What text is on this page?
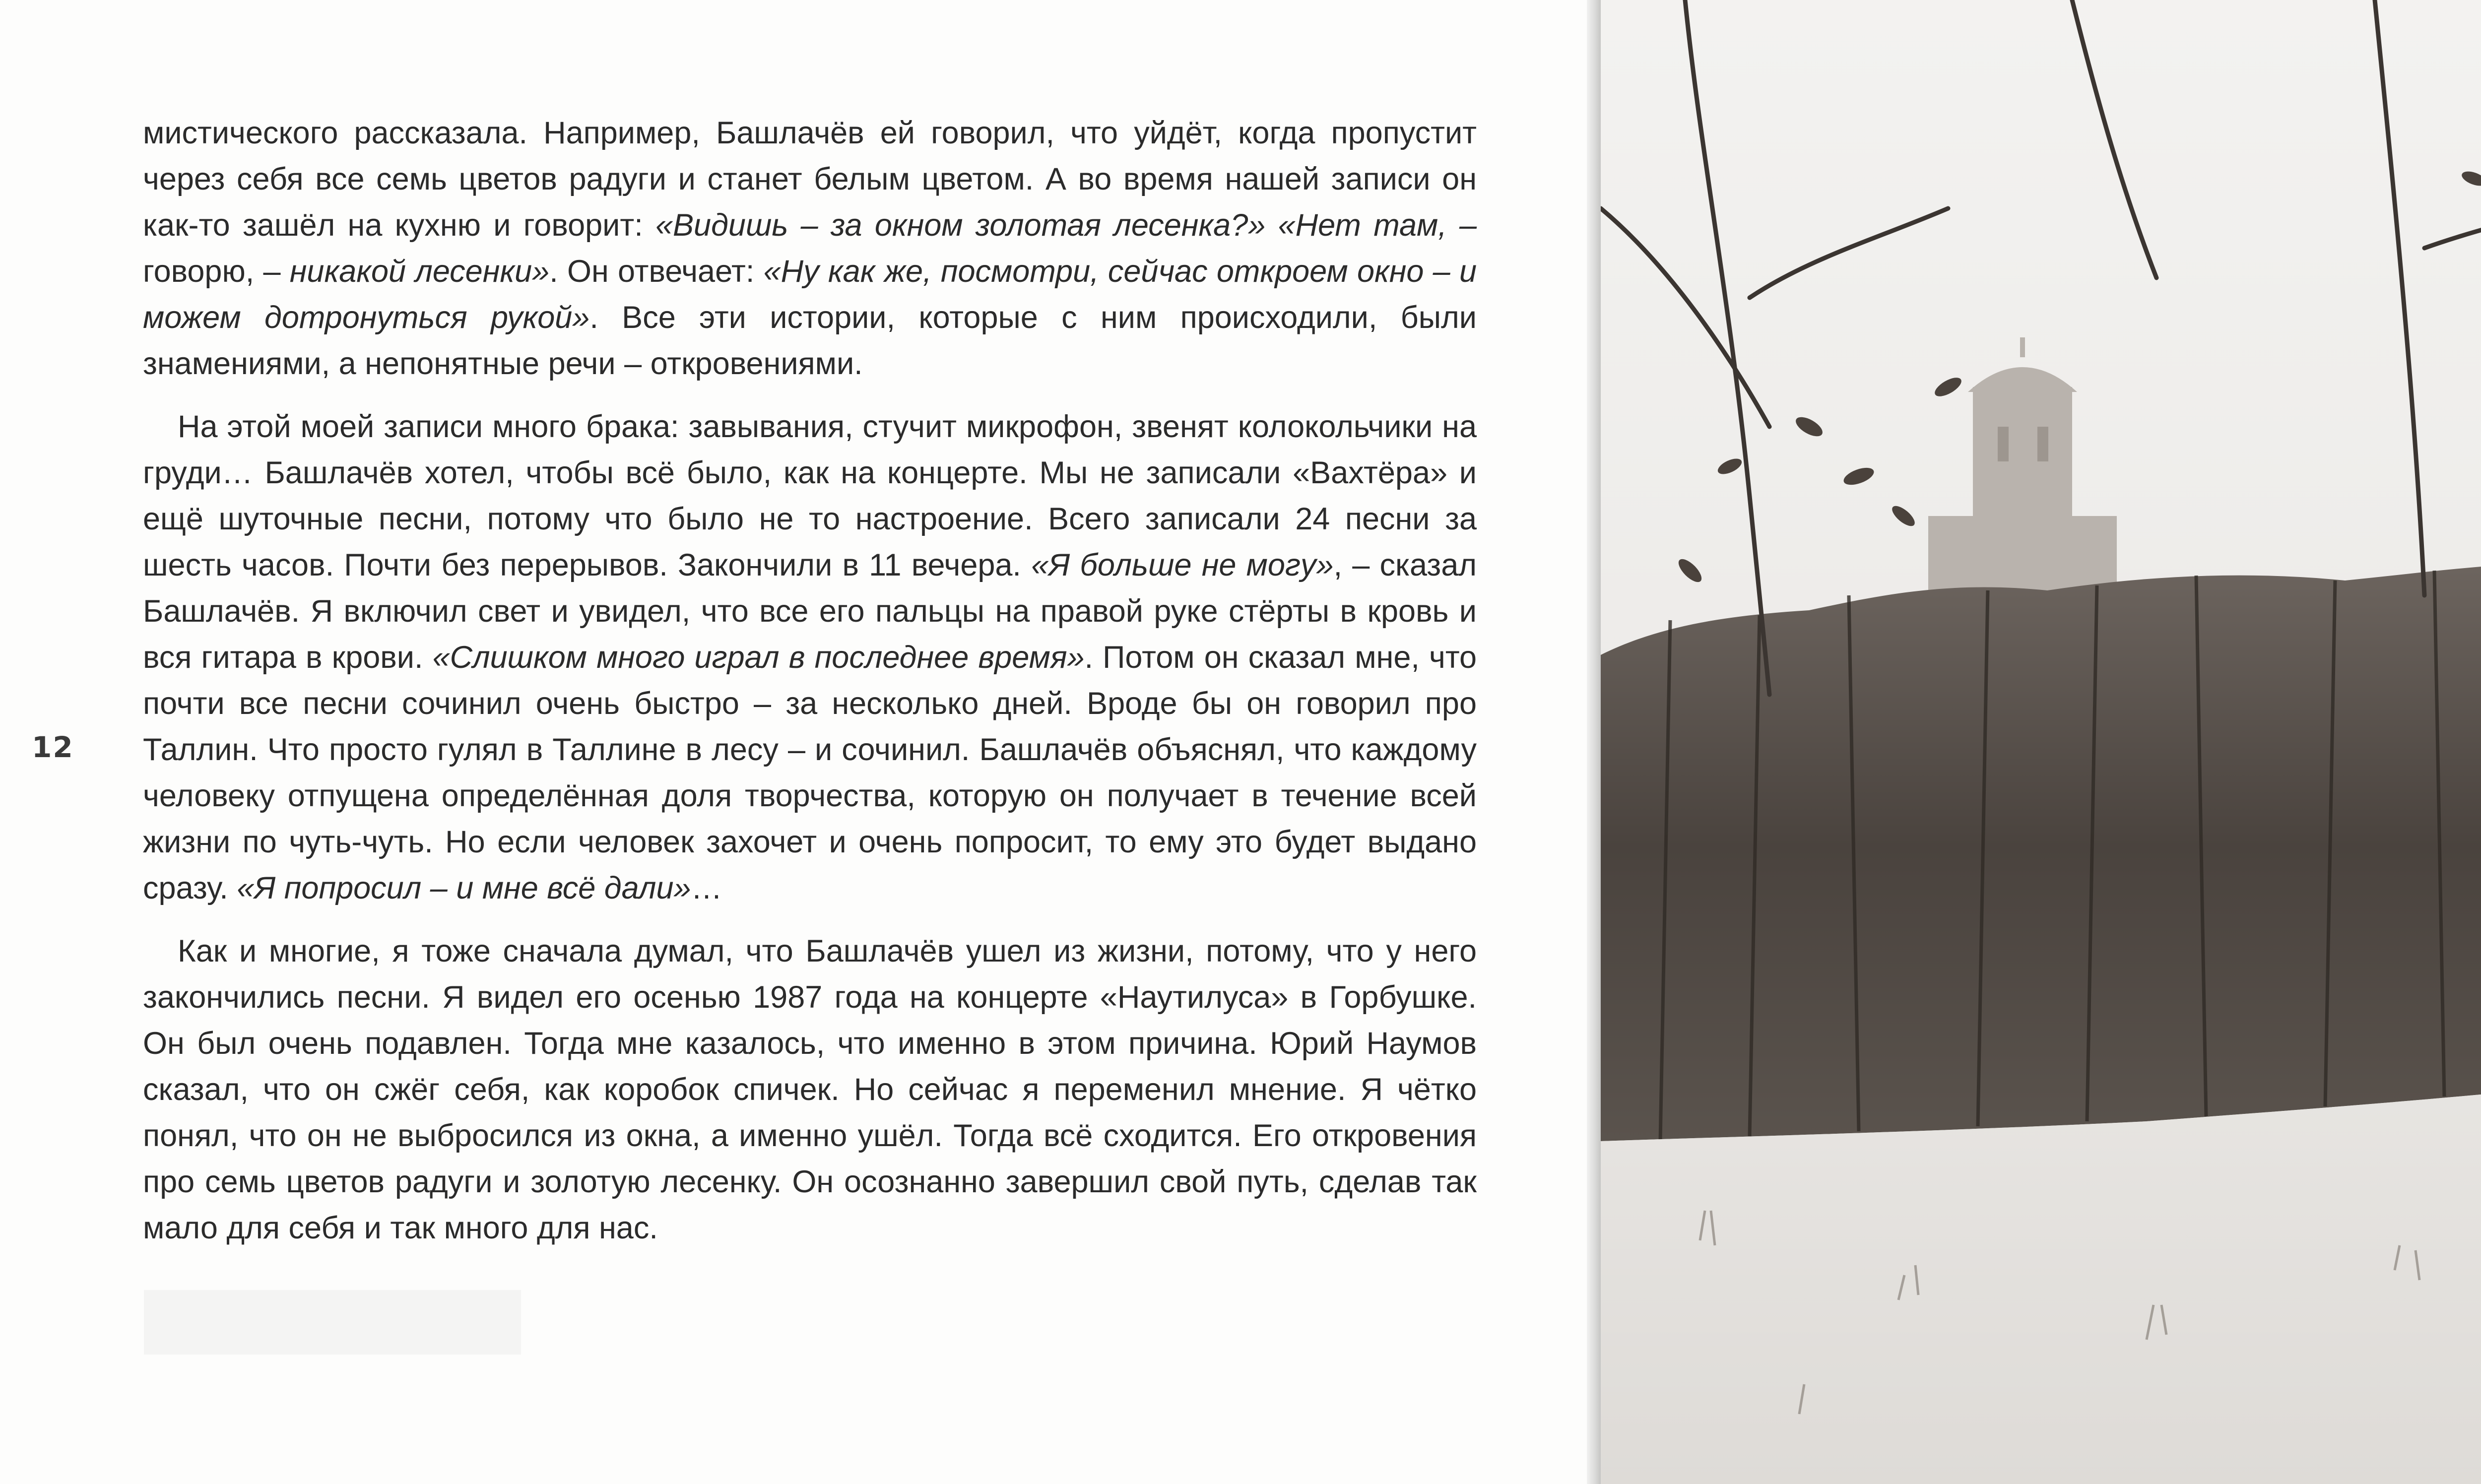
12

мистического рассказала. Например, Башлачёв ей говорил, что уйдёт, когда пропустит через себя все семь цветов радуги и станет белым цветом. А во время нашей записи он как-то зашёл на кухню и говорит: «Видишь – за окном золотая лесенка?» «Нет там, – говорю, – никакой лесенки». Он отвечает: «Ну как же, посмотри, сейчас откроем окно – и можем дотронуться рукой». Все эти истории, которые с ним происходили, были знамениями, а непонятные речи – откровениями.

На этой моей записи много брака: завывания, стучит микрофон, звенят колокольчики на груди… Башлачёв хотел, чтобы всё было, как на концерте. Мы не записали «Вахтёра» и ещё шуточные песни, потому что было не то настроение. Всего записали 24 песни за шесть часов. Почти без перерывов. Закончили в 11 вечера. «Я больше не могу», – сказал Башлачёв. Я включил свет и увидел, что все его пальцы на правой руке стёрты в кровь и вся гитара в крови. «Слишком много играл в последнее время». Потом он сказал мне, что почти все песни сочинил очень быстро – за несколько дней. Вроде бы он говорил про Таллин. Что просто гулял в Таллине в лесу – и сочинил. Башлачёв объяснял, что каждому человеку отпущена определённая доля творчества, которую он получает в течение всей жизни по чуть-чуть. Но если человек захочет и очень попросит, то ему это будет выдано сразу. «Я попросил – и мне всё дали»…

Как и многие, я тоже сначала думал, что Башлачёв ушел из жизни, потому, что у него закончились песни. Я видел его осенью 1987 года на концерте «Наутилуса» в Горбушке. Он был очень подавлен. Тогда мне казалось, что именно в этом причина. Юрий Наумов сказал, что он сжёг себя, как коробок спичек. Но сейчас я переменил мнение. Я чётко понял, что он не выбросился из окна, а именно ушёл. Тогда всё сходится. Его откровения про семь цветов радуги и золотую лесенку. Он осознанно завершил свой путь, сделав так мало для себя и так много для нас.
